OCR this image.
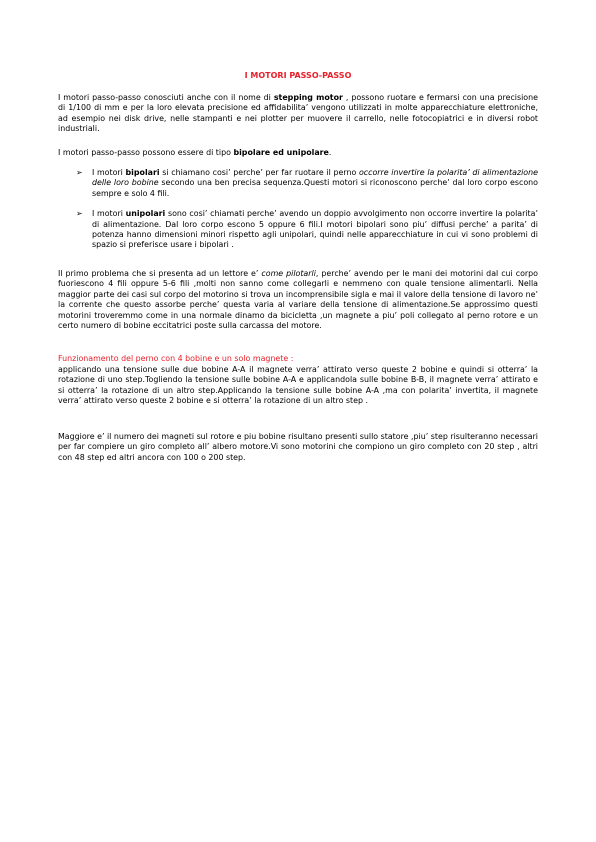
I MOTORI PASSO-PASSO

I motori passo-passo conosciuti anche con il nome di stepping motor , possono ruotare e fermarsi con una precisione di 1/100 di mm e per la loro elevata precisione ed affidabilita’ vengono utilizzati in molte apparecchiature elettroniche, ad esempio nei disk drive, nelle stampanti e nei plotter per muovere il carrello, nelle fotocopiatrici e in diversi robot industriali.

I motori passo-passo possono essere di tipo bipolare ed unipolare.

➢ I motori bipolari si chiamano cosi’ perche’ per far ruotare il perno occorre invertire la polarita’ di alimentazione delle loro bobine secondo una ben precisa sequenza.Questi motori si riconoscono perche’ dal loro corpo escono sempre e solo 4 fili.
➢ I motori unipolari sono cosi’ chiamati perche’ avendo un doppio avvolgimento non occorre invertire la polarita’ di alimentazione. Dal loro corpo escono 5 oppure 6 fili.I motori bipolari sono piu’ diffusi perche’ a parita’ di potenza hanno dimensioni minori rispetto agli unipolari, quindi nelle apparecchiature in cui vi sono problemi di spazio si preferisce usare i bipolari .

Il primo problema che si presenta ad un lettore e’ come pilotarli, perche’ avendo per le mani dei motorini dal cui corpo fuoriescono 4 fili oppure 5-6 fili ,molti non sanno come collegarli e nemmeno con quale tensione alimentarli. Nella maggior parte dei casi sul corpo del motorino si trova un incomprensibile sigla e mai il valore della tensione di lavoro ne’ la corrente che questo assorbe perche’ questa varia al variare della tensione di alimentazione.Se approssimo questi motorini troveremmo come in una normale dinamo da bicicletta ,un magnete a piu’ poli collegato al perno rotore e un certo numero di bobine eccitatrici poste sulla carcassa del motore.

Funzionamento del perno con 4 bobine e un solo magnete :

applicando una tensione sulle due bobine A-A il magnete verra’ attirato verso queste 2 bobine e quindi si otterra’ la rotazione di uno step.Togliendo la tensione sulle bobine A-A e applicandola sulle bobine B-B, il magnete verra’ attirato e si otterra’ la rotazione di un altro step.Applicando la tensione sulle bobine A-A ,ma con polarita’ invertita, il magnete verra’ attirato verso queste 2 bobine e si otterra’ la rotazione di un altro step .

Maggiore e’ il numero dei magneti sul rotore e piu bobine risultano presenti sullo statore ,piu’ step risulteranno necessari per far compiere un giro completo all’ albero motore.Vi sono motorini che compiono un giro completo con 20 step , altri con 48 step ed altri ancora con 100 o 200 step.
